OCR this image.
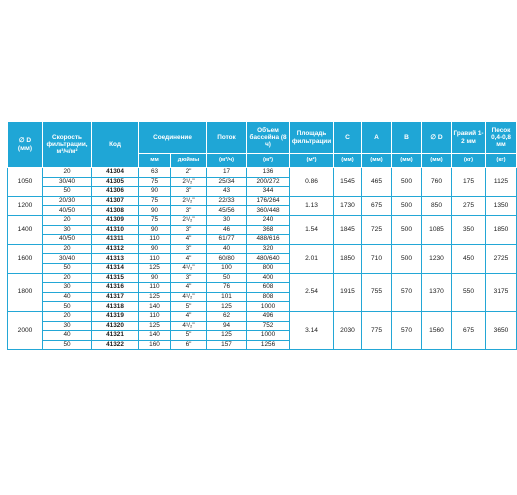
∅ D
(мм)	Скорость фильтрации, м³/ч/м²	Код	Соединение		Поток	Объем бассейна (8 ч)	Площадь фильтрации	C	A	B	∅ D	Гравий 1-2 мм	Песок 0,4-0,8 мм
			мм	дюймы	(м³/ч)	(м³)	(м²)	(мм)	(мм)	(мм)	(мм)	(кг)	(кг)
1050	20	41304	63	2"	17	136	0.86	1545	465	500	760	175	1125
	30/40	41305	75	2¹/₂"	25/34	200/272							
	50	41306	90	3"	43	344							
1200	20/30	41307	75	2¹/₂"	22/33	176/264	1.13	1730	675	500	850	275	1350
	40/50	41308	90	3"	45/56	360/448							
1400	20	41309	75	2¹/₂"	30	240	1.54	1845	725	500	1085	350	1850
	30	41310	90	3"	46	368							
	40/50	41311	110	4"	61/77	488/616							
1600	20	41312	90	3"	40	320	2.01	1850	710	500	1230	450	2725
	30/40	41313	110	4"	60/80	480/640							
	50	41314	125	4¹/₂"	100	800							
1800	20	41315	90	3"	50	400	2.54	1915	755	570	1370	550	3175
	30	41316	110	4"	76	608							
	40	41317	125	4¹/₂"	101	808							
	50	41318	140	5"	125	1000							
2000	20	41319	110	4"	62	496	3.14	2030	775	570	1560	675	3650
	30	41320	125	4¹/₂"	94	752							
	40	41321	140	5"	125	1000							
	50	41322	160	6"	157	1256							
